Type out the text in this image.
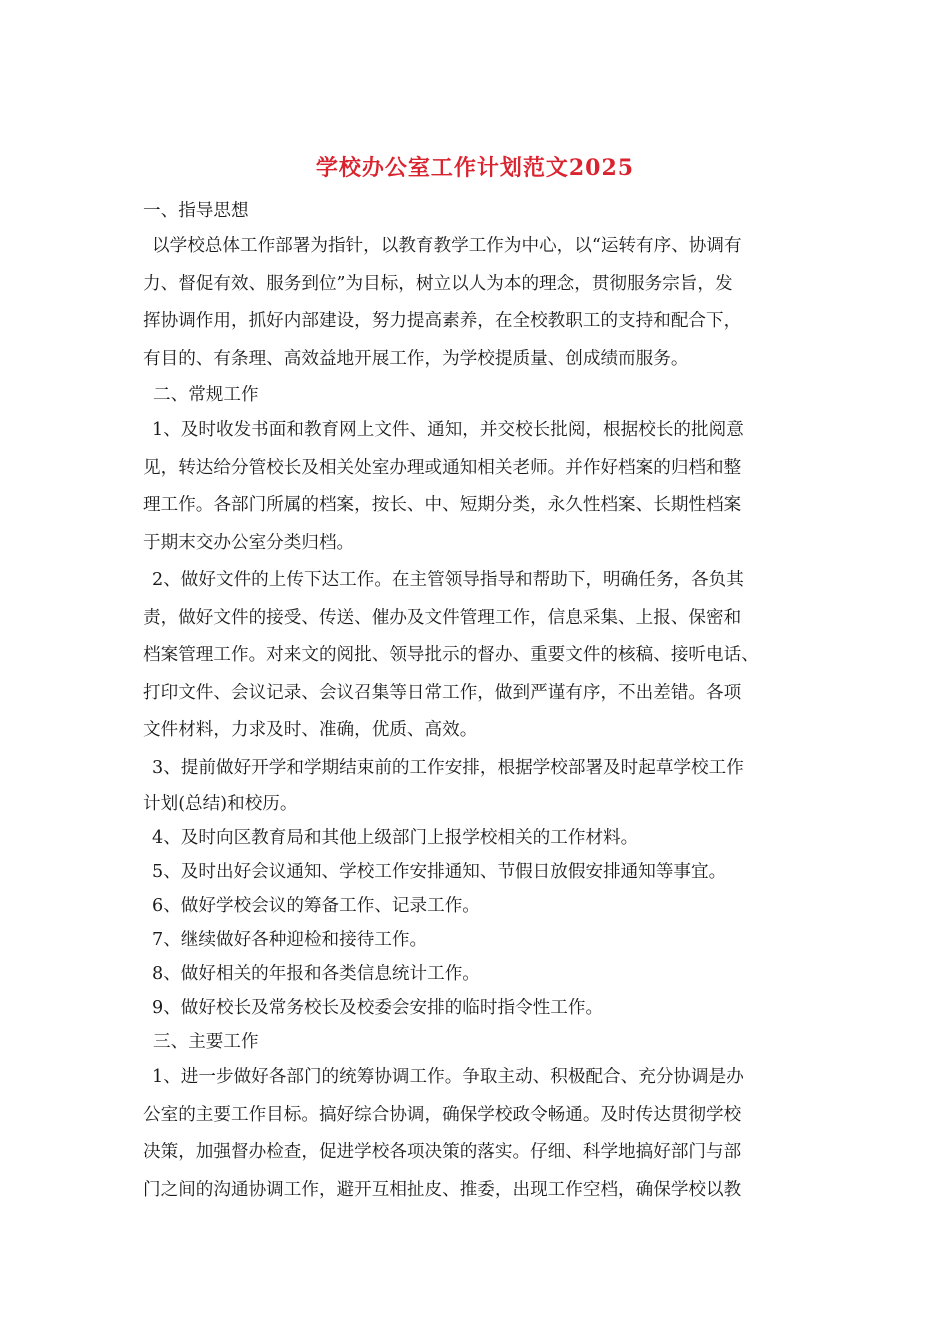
学校办公室工作计划范文2025
一、指导思想
以学校总体工作部署为指针，以教育教学工作为中心，以“运转有序、协调有
力、督促有效、服务到位”为目标，树立以人为本的理念，贯彻服务宗旨，发
挥协调作用，抓好内部建设，努力提高素养，在全校教职工的支持和配合下，
有目的、有条理、高效益地开展工作，为学校提质量、创成绩而服务。
二、常规工作
1、及时收发书面和教育网上文件、通知，并交校长批阅，根据校长的批阅意
见，转达给分管校长及相关处室办理或通知相关老师。并作好档案的归档和整
理工作。各部门所属的档案，按长、中、短期分类，永久性档案、长期性档案
于期末交办公室分类归档。
2、做好文件的上传下达工作。在主管领导指导和帮助下，明确任务，各负其
责，做好文件的接受、传送、催办及文件管理工作，信息采集、上报、保密和
档案管理工作。对来文的阅批、领导批示的督办、重要文件的核稿、接听电话、
打印文件、会议记录、会议召集等日常工作，做到严谨有序，不出差错。各项
文件材料，力求及时、准确，优质、高效。
3、提前做好开学和学期结束前的工作安排，根据学校部署及时起草学校工作
计划(总结)和校历。
4、及时向区教育局和其他上级部门上报学校相关的工作材料。
5、及时出好会议通知、学校工作安排通知、节假日放假安排通知等事宜。
6、做好学校会议的筹备工作、记录工作。
7、继续做好各种迎检和接待工作。
8、做好相关的年报和各类信息统计工作。
9、做好校长及常务校长及校委会安排的临时指令性工作。
三、主要工作
1、进一步做好各部门的统筹协调工作。争取主动、积极配合、充分协调是办
公室的主要工作目标。搞好综合协调，确保学校政令畅通。及时传达贯彻学校
决策，加强督办检查，促进学校各项决策的落实。仔细、科学地搞好部门与部
门之间的沟通协调工作，避开互相扯皮、推委，出现工作空档，确保学校以教
